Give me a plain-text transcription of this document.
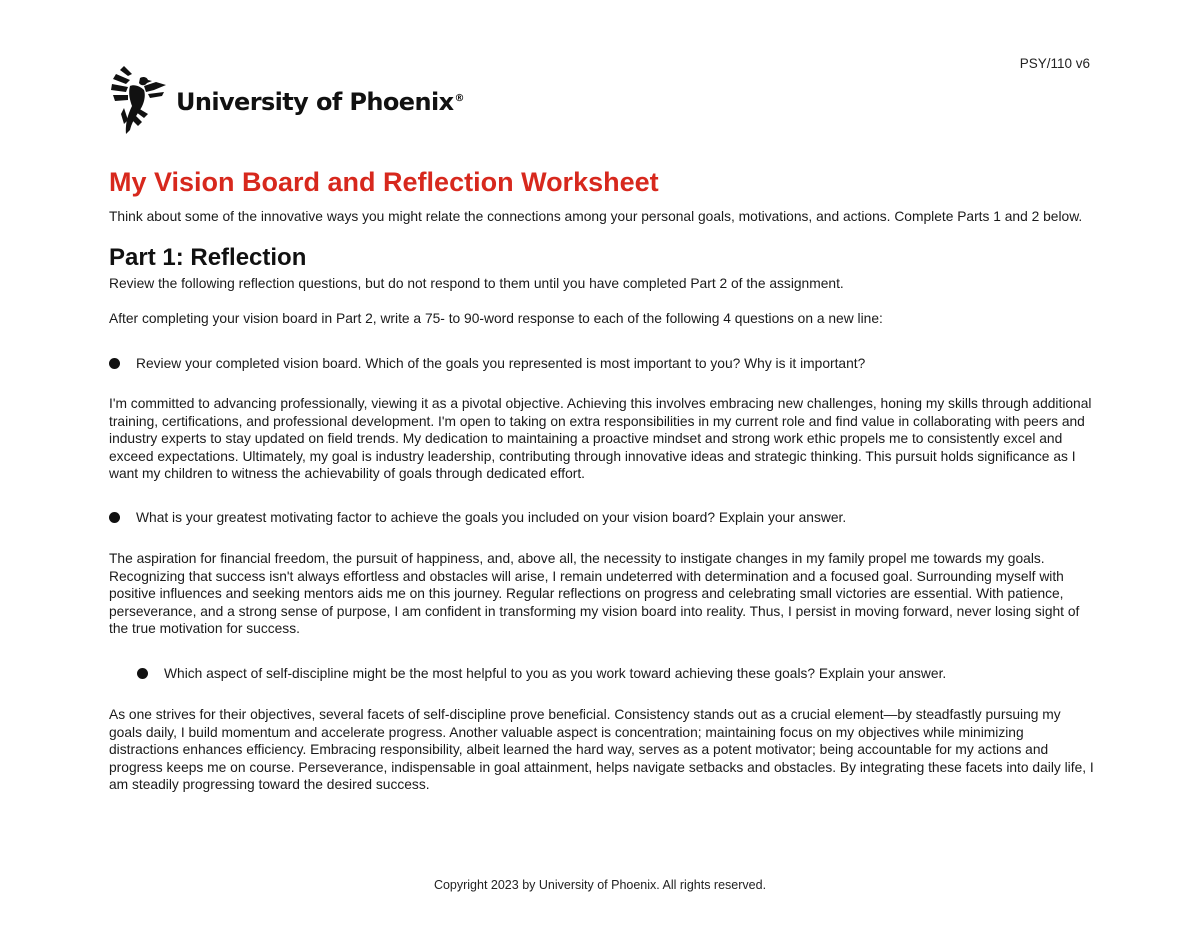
PSY/110 v6
University of Phoenix®
My Vision Board and Reflection Worksheet

Think about some of the innovative ways you might relate the connections among your personal goals, motivations, and actions. Complete Parts 1 and 2 below.

Part 1: Reflection

Review the following reflection questions, but do not respond to them until you have completed Part 2 of the assignment.

After completing your vision board in Part 2, write a 75- to 90-word response to each of the following 4 questions on a new line:

Review your completed vision board. Which of the goals you represented is most important to you? Why is it important?

I'm committed to advancing professionally, viewing it as a pivotal objective. Achieving this involves embracing new challenges, honing my skills through additional training, certifications, and professional development. I'm open to taking on extra responsibilities in my current role and find value in collaborating with peers and industry experts to stay updated on field trends. My dedication to maintaining a proactive mindset and strong work ethic propels me to consistently excel and exceed expectations. Ultimately, my goal is industry leadership, contributing through innovative ideas and strategic thinking. This pursuit holds significance as I want my children to witness the achievability of goals through dedicated effort.

What is your greatest motivating factor to achieve the goals you included on your vision board? Explain your answer.

The aspiration for financial freedom, the pursuit of happiness, and, above all, the necessity to instigate changes in my family propel me towards my goals. Recognizing that success isn't always effortless and obstacles will arise, I remain undeterred with determination and a focused goal. Surrounding myself with positive influences and seeking mentors aids me on this journey. Regular reflections on progress and celebrating small victories are essential. With patience, perseverance, and a strong sense of purpose, I am confident in transforming my vision board into reality. Thus, I persist in moving forward, never losing sight of the true motivation for success.

Which aspect of self-discipline might be the most helpful to you as you work toward achieving these goals? Explain your answer.

As one strives for their objectives, several facets of self-discipline prove beneficial. Consistency stands out as a crucial element—by steadfastly pursuing my goals daily, I build momentum and accelerate progress. Another valuable aspect is concentration; maintaining focus on my objectives while minimizing distractions enhances efficiency. Embracing responsibility, albeit learned the hard way, serves as a potent motivator; being accountable for my actions and progress keeps me on course. Perseverance, indispensable in goal attainment, helps navigate setbacks and obstacles. By integrating these facets into daily life, I am steadily progressing toward the desired success.

Copyright 2023 by University of Phoenix. All rights reserved.
